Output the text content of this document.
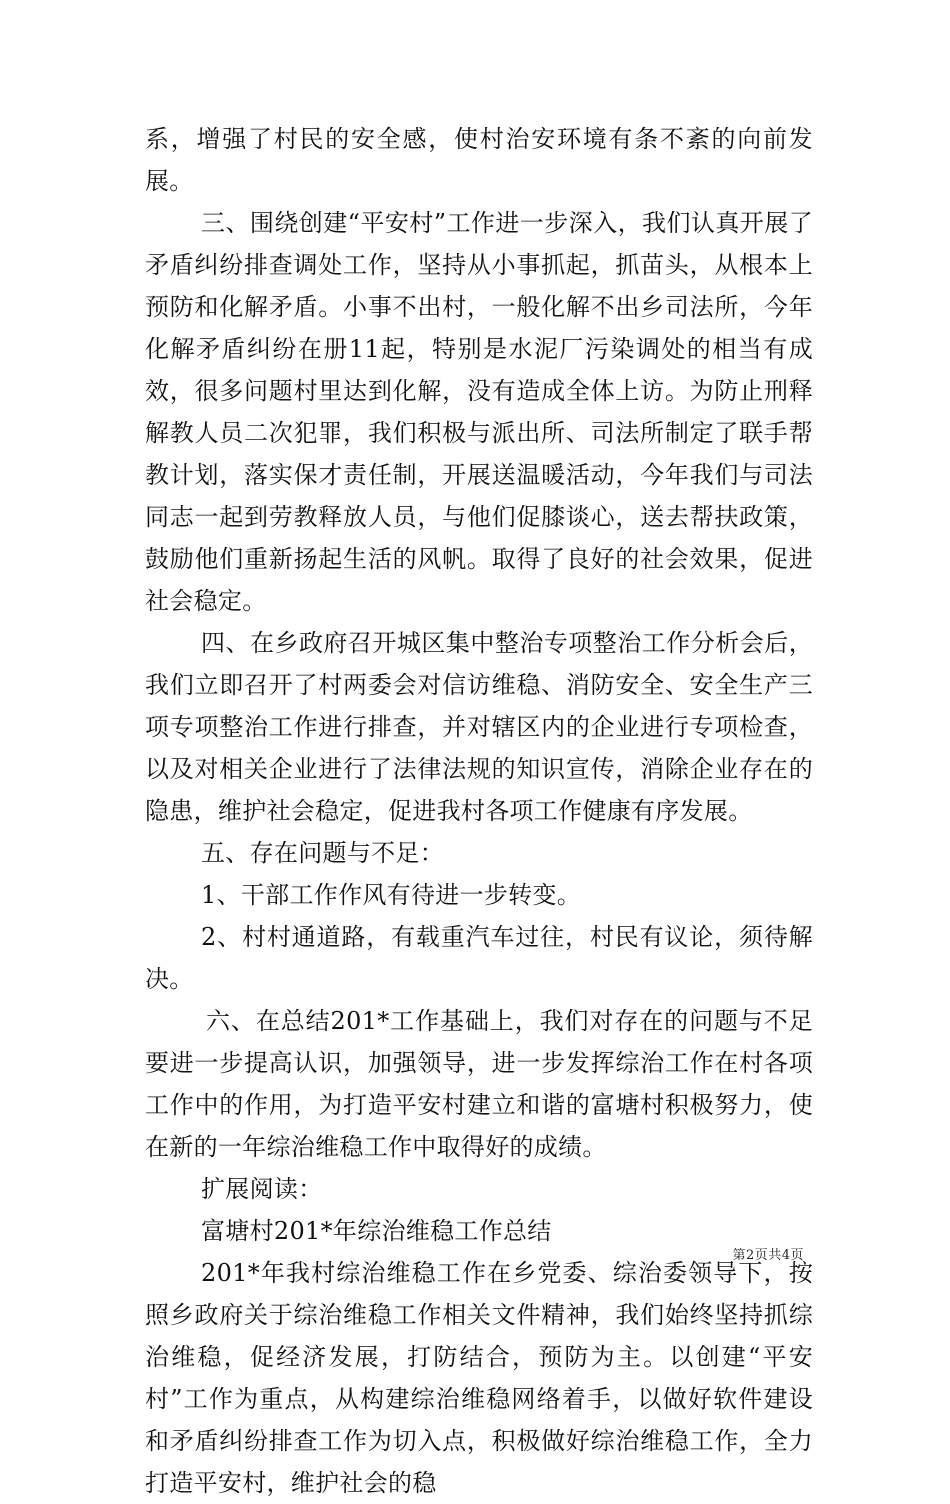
系，增强了村民的安全感，使村治安环境有条不紊的向前发展。

三、围绕创建“平安村”工作进一步深入，我们认真开展了矛盾纠纷排查调处工作，坚持从小事抓起，抓苗头，从根本上预防和化解矛盾。小事不出村，一般化解不出乡司法所，今年化解矛盾纠纷在册11起，特别是水泥厂污染调处的相当有成效，很多问题村里达到化解，没有造成全体上访。为防止刑释解教人员二次犯罪，我们积极与派出所、司法所制定了联手帮教计划，落实保才责任制，开展送温暖活动，今年我们与司法同志一起到劳教释放人员，与他们促膝谈心，送去帮扶政策，鼓励他们重新扬起生活的风帆。取得了良好的社会效果，促进社会稳定。

四、在乡政府召开城区集中整治专项整治工作分析会后，我们立即召开了村两委会对信访维稳、消防安全、安全生产三项专项整治工作进行排查，并对辖区内的企业进行专项检查，以及对相关企业进行了法律法规的知识宣传，消除企业存在的隐患，维护社会稳定，促进我村各项工作健康有序发展。

五、存在问题与不足：

1、干部工作作风有待进一步转变。

2、村村通道路，有载重汽车过往，村民有议论，须待解决。

六、在总结201*工作基础上，我们对存在的问题与不足要进一步提高认识，加强领导，进一步发挥综治工作在村各项工作中的作用，为打造平安村建立和谐的富塘村积极努力，使在新的一年综治维稳工作中取得好的成绩。

扩展阅读：

富塘村201*年综治维稳工作总结

201*年我村综治维稳工作在乡党委、综治委领导下，按照乡政府关于综治维稳工作相关文件精神，我们始终坚持抓综治维稳，促经济发展，打防结合，预防为主。以创建“平安村”工作为重点，从构建综治维稳网络着手，以做好软件建设和矛盾纠纷排查工作为切入点，积极做好综治维稳工作，全力打造平安村，维护社会的稳

第2页共4页
